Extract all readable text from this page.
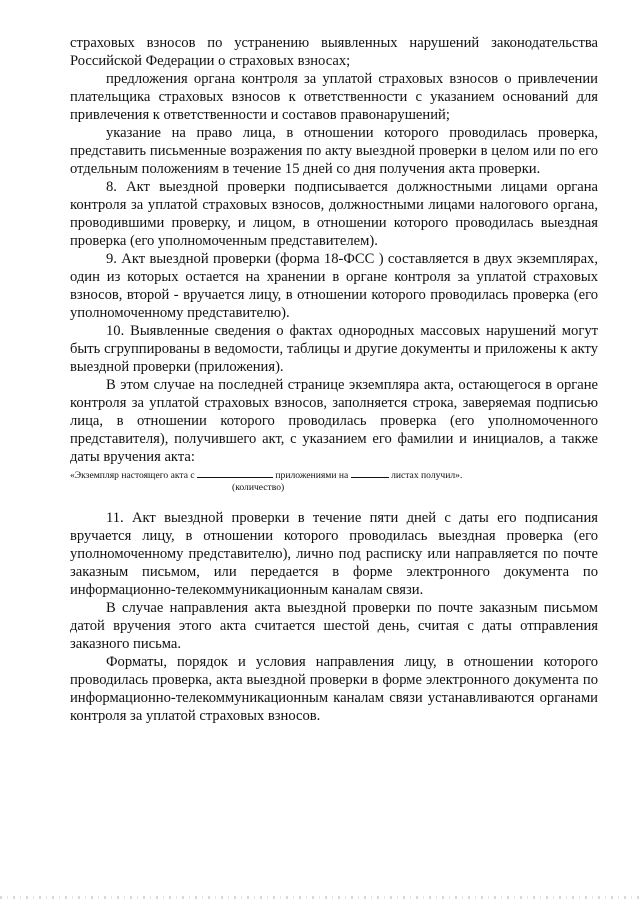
страховых взносов по устранению выявленных нарушений законодательства Российской Федерации о страховых взносах;

предложения органа контроля за уплатой страховых взносов о привлечении плательщика страховых взносов к ответственности с указанием оснований для привлечения к ответственности и составов правонарушений;

указание на право лица, в отношении которого проводилась проверка, представить письменные возражения по акту выездной проверки в целом или по его отдельным положениям в течение 15 дней со дня получения акта проверки.

8. Акт выездной проверки подписывается должностными лицами органа контроля за уплатой страховых взносов, должностными лицами налогового органа, проводившими проверку, и лицом, в отношении которого проводилась выездная проверка (его уполномоченным представителем).

9. Акт выездной проверки (форма 18-ФСС ) составляется в двух экземплярах, один из которых остается на хранении в органе контроля за уплатой страховых взносов, второй - вручается лицу, в отношении которого проводилась проверка (его уполномоченному представителю).

10. Выявленные сведения о фактах однородных массовых нарушений могут быть сгруппированы в ведомости, таблицы и другие документы и приложены к акту выездной проверки (приложения).

В этом случае на последней странице экземпляра акта, остающегося в органе контроля за уплатой страховых взносов, заполняется строка, заверяемая подписью лица, в отношении которого проводилась проверка (его уполномоченного представителя), получившего акт, с указанием его фамилии и инициалов, а также даты вручения акта:

«Экземпляр настоящего акта с	приложениями на	листах получил».
(количество)

11. Акт выездной проверки в течение пяти дней с даты его подписания вручается лицу, в отношении которого проводилась выездная проверка (его уполномоченному представителю), лично под расписку или направляется по почте заказным письмом, или передается в форме электронного документа по информационно-телекоммуникационным каналам связи.

В случае направления акта выездной проверки по почте заказным письмом датой вручения этого акта считается шестой день, считая с даты отправления заказного письма.

Форматы, порядок и условия направления лицу, в отношении которого проводилась проверка, акта выездной проверки в форме электронного документа по информационно-телекоммуникационным каналам связи устанавливаются органами контроля за уплатой страховых взносов.
